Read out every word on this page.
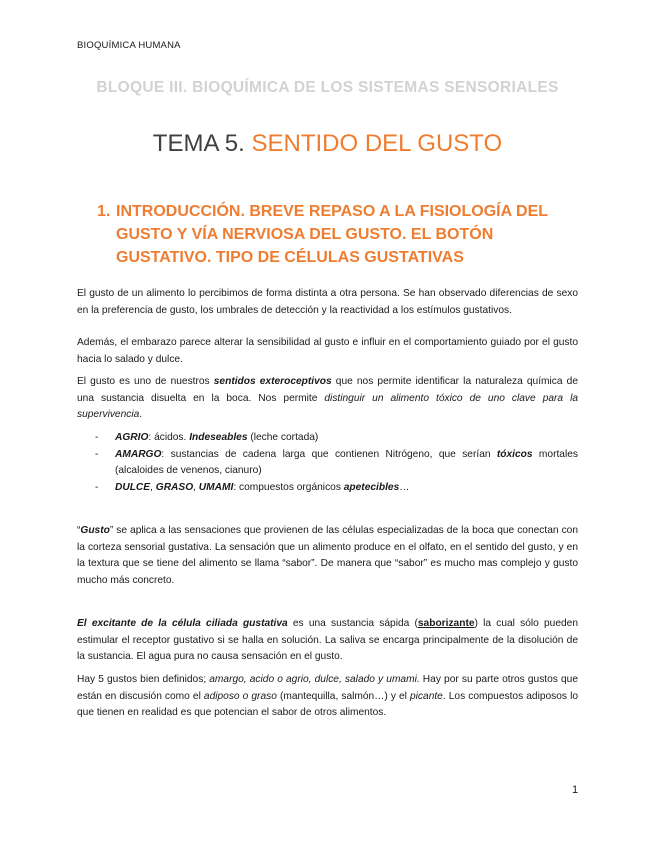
BIOQUÍMICA HUMANA
BLOQUE III. BIOQUÍMICA DE LOS SISTEMAS SENSORIALES
TEMA 5. SENTIDO DEL GUSTO
1. INTRODUCCIÓN. BREVE REPASO A LA FISIOLOGÍA DEL GUSTO Y VÍA NERVIOSA DEL GUSTO. EL BOTÓN GUSTATIVO. TIPO DE CÉLULAS GUSTATIVAS

El gusto de un alimento lo percibimos de forma distinta a otra persona. Se han observado diferencias de sexo en la preferencia de gusto, los umbrales de detección y la reactividad a los estímulos gustativos.

Además, el embarazo parece alterar la sensibilidad al gusto e influir en el comportamiento guiado por el gusto hacia lo salado y dulce.

El gusto es uno de nuestros sentidos exteroceptivos que nos permite identificar la naturaleza química de una sustancia disuelta en la boca. Nos permite distinguir un alimento tóxico de uno clave para la supervivencia.

- AGRIO: ácidos. Indeseables (leche cortada)
- AMARGO: sustancias de cadena larga que contienen Nitrógeno, que serían tóxicos mortales (alcaloides de venenos, cianuro)
- DULCE, GRASO, UMAMI: compuestos orgánicos apetecibles…

“Gusto” se aplica a las sensaciones que provienen de las células especializadas de la boca que conectan con la corteza sensorial gustativa. La sensación que un alimento produce en el olfato, en el sentido del gusto, y en la textura que se tiene del alimento se llama “sabor”. De manera que “sabor” es mucho mas complejo y gusto mucho más concreto.

El excitante de la célula ciliada gustativa es una sustancia sápida (saborizante) la cual sólo pueden estimular el receptor gustativo si se halla en solución. La saliva se encarga principalmente de la disolución de la sustancia. El agua pura no causa sensación en el gusto.

Hay 5 gustos bien definidos; amargo, acido o agrio, dulce, salado y umami. Hay por su parte otros gustos que están en discusión como el adiposo o graso (mantequilla, salmón…) y el picante. Los compuestos adiposos lo que tienen en realidad es que potencian el sabor de otros alimentos.

1
